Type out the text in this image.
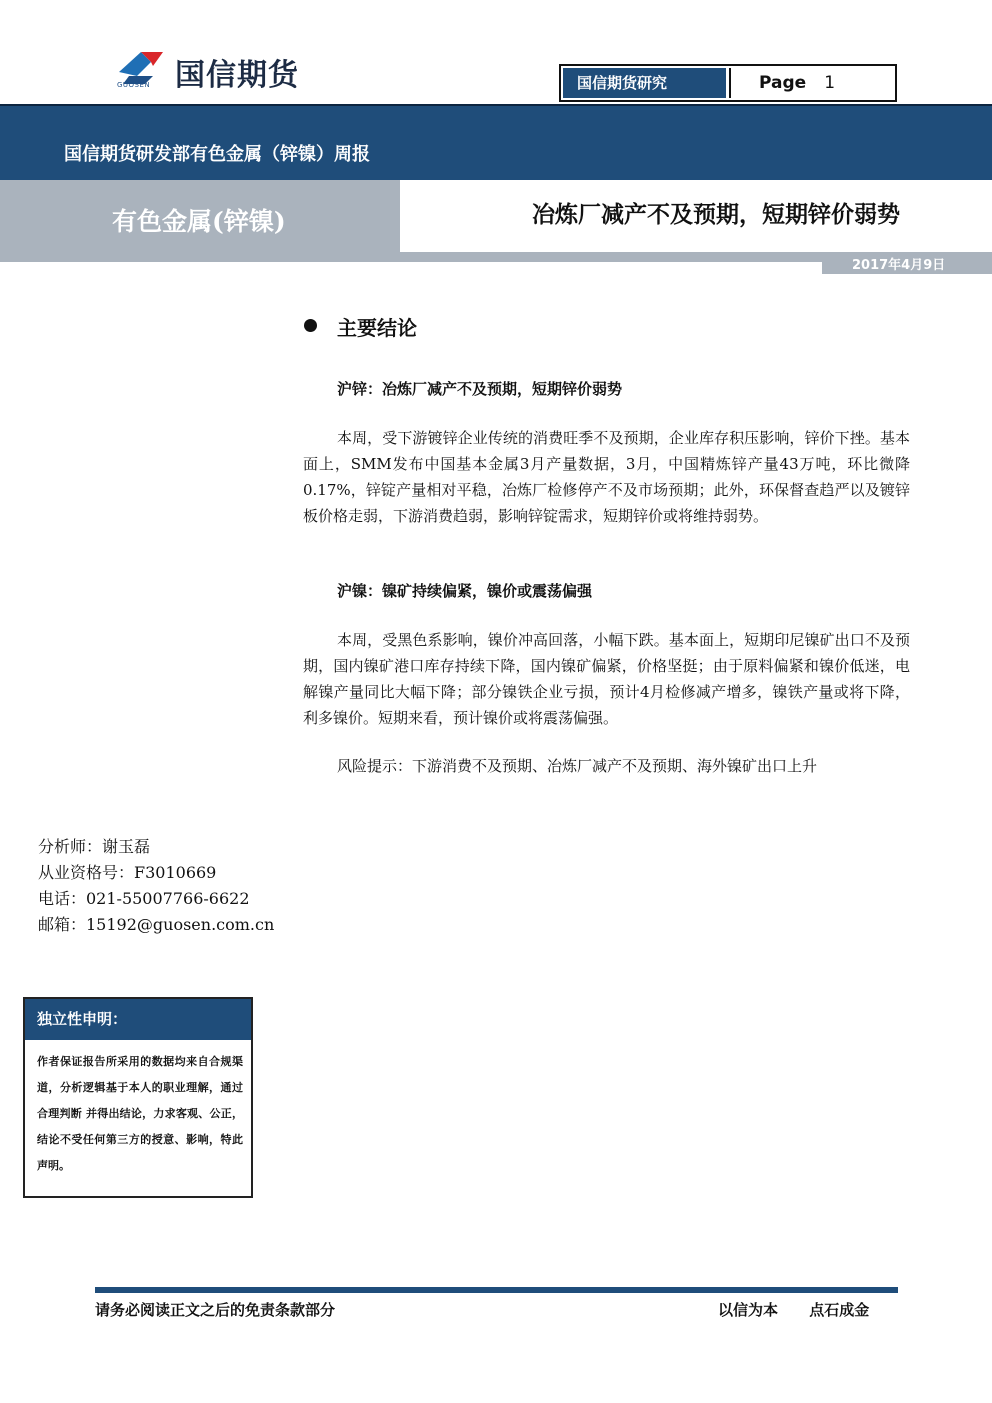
国信期货
GUOSEN	国信期货研究	Page 1
国信期货研发部有色金属（锌镍）周报
有色金属(锌镍)	冶炼厂减产不及预期，短期锌价弱势
2017年4月9日
主要结论
沪锌：冶炼厂减产不及预期，短期锌价弱势

本周，受下游镀锌企业传统的消费旺季不及预期，企业库存积压影响，锌价下挫。基本面上，SMM发布中国基本金属3月产量数据，3月，中国精炼锌产量43万吨，环比微降0.17%，锌锭产量相对平稳，冶炼厂检修停产不及市场预期；此外，环保督查趋严以及镀锌板价格走弱，下游消费趋弱，影响锌锭需求，短期锌价或将维持弱势。

沪镍：镍矿持续偏紧，镍价或震荡偏强

本周，受黑色系影响，镍价冲高回落，小幅下跌。基本面上，短期印尼镍矿出口不及预期，国内镍矿港口库存持续下降，国内镍矿偏紧，价格坚挺；由于原料偏紧和镍价低迷，电解镍产量同比大幅下降；部分镍铁企业亏损，预计4月检修减产增多，镍铁产量或将下降，利多镍价。短期来看，预计镍价或将震荡偏强。

风险提示：下游消费不及预期、冶炼厂减产不及预期、海外镍矿出口上升
分析师：谢玉磊
从业资格号：F3010669
电话：021-55007766-6622
邮箱：15192@guosen.com.cn
独立性申明：

作者保证报告所采用的数据均来自合规渠道，分析逻辑基于本人的职业理解，通过合理判断 并得出结论，力求客观、公正，结论不受任何第三方的授意、影响，特此声明。

请务必阅读正文之后的免责条款部分	以信为本 点石成金
